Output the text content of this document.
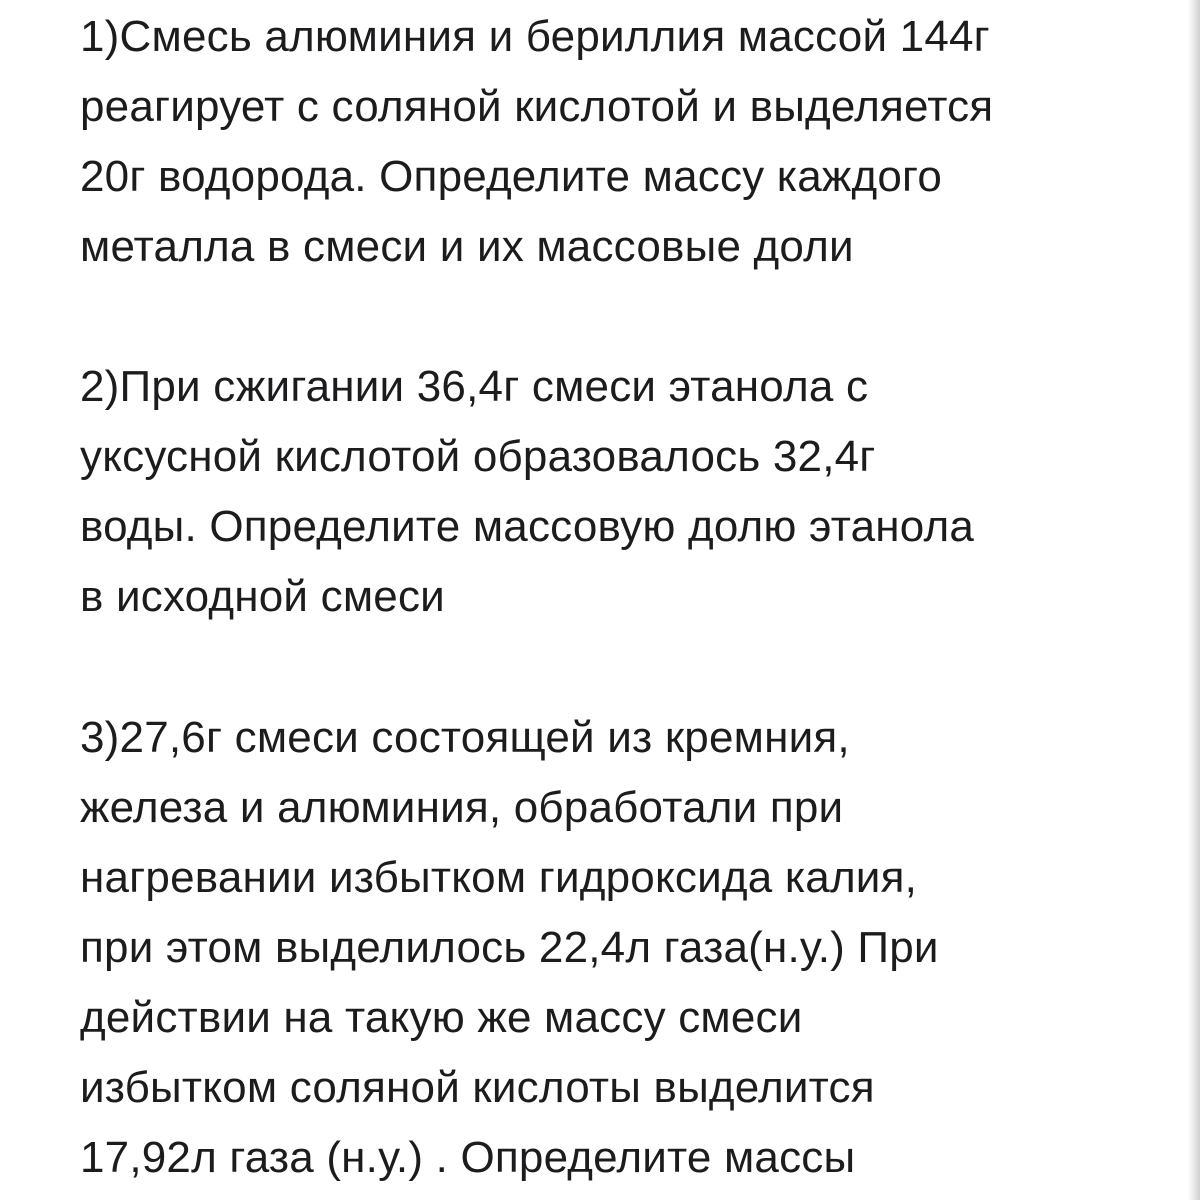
1)Смесь алюминия и бериллия массой 144г
реагирует с соляной кислотой и выделяется
20г водорода. Определите массу каждого
металла в смеси и их массовые доли
2)При сжигании 36,4г смеси этанола с
уксусной кислотой образовалось 32,4г
воды. Определите массовую долю этанола
в исходной смеси
3)27,6г смеси состоящей из кремния,
железа и алюминия, обработали при
нагревании избытком гидроксида калия,
при этом выделилось 22,4л газа(н.у.) При
действии на такую же массу смеси
избытком соляной кислоты выделится
17,92л газа (н.у.) . Определите массы
